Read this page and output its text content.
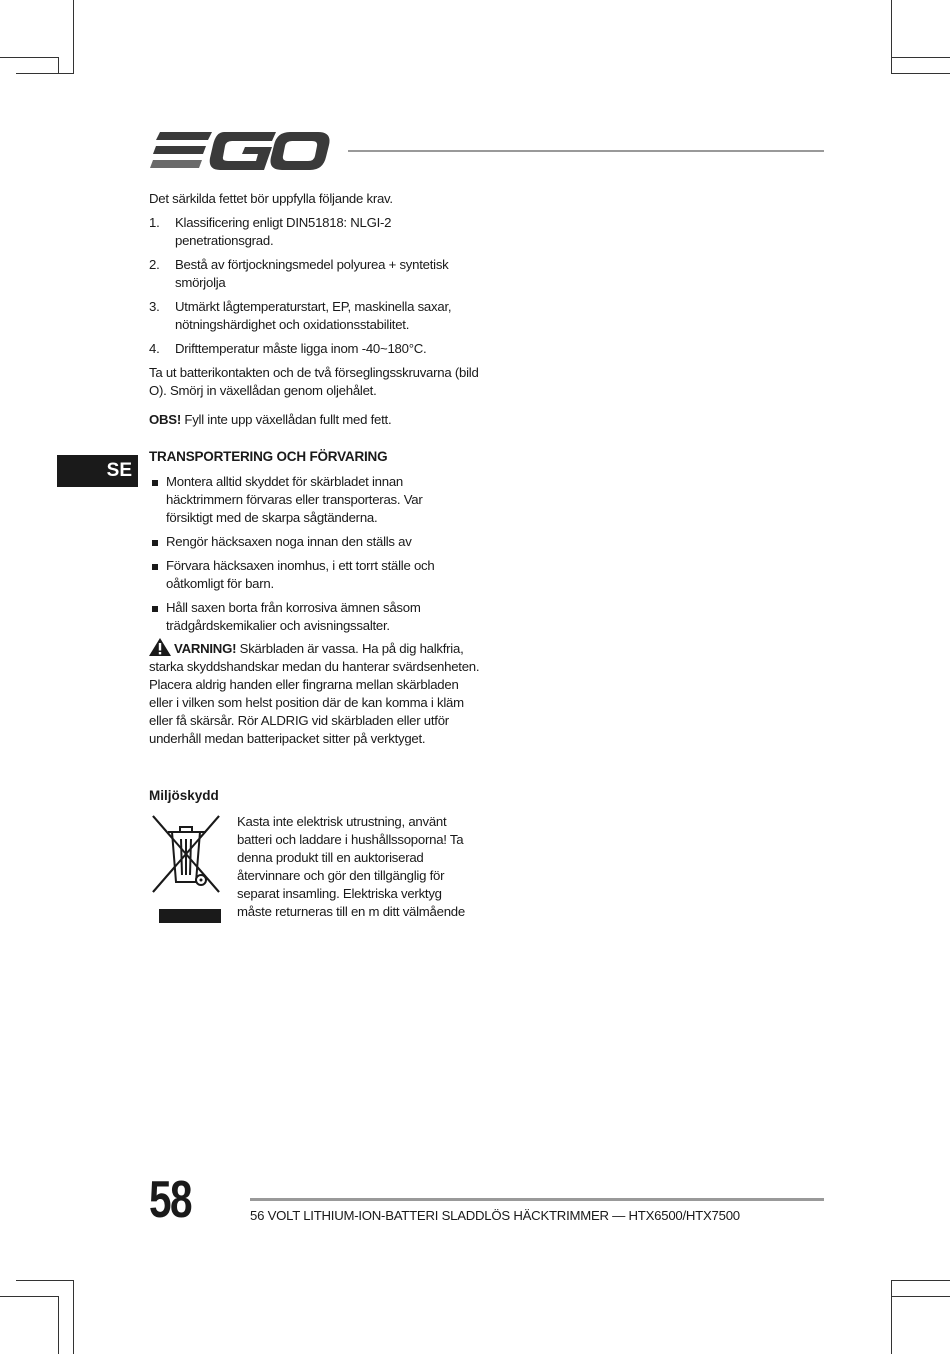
EGO
Det särkilda fettet bör uppfylla följande krav.
1.	Klassificering enligt DIN51818: NLGI-2 penetrationsgrad.
2.	Bestå av förtjockningsmedel polyurea + syntetisk smörjolja
3.	Utmärkt lågtemperaturstart, EP, maskinella saxar, nötningshärdighet och oxidationsstabilitet.
4.	Drifttemperatur måste ligga inom -40~180°C.
Ta ut batterikontakten och de två förseglingsskruvarna (bild O). Smörj in växellådan genom oljehålet.
OBS! Fyll inte upp växellådan fullt med fett.
SE
TRANSPORTERING OCH FÖRVARING
Montera alltid skyddet för skärbladet innan häcktrimmern förvaras eller transporteras. Var försiktigt med de skarpa sågtänderna.
Rengör häcksaxen noga innan den ställs av
Förvara häcksaxen inomhus, i ett torrt ställe och oåtkomligt för barn.
Håll saxen borta från korrosiva ämnen såsom trädgårdskemikalier och avisningssalter.
VARNING! Skärbladen är vassa. Ha på dig halkfria, starka skyddshandskar medan du hanterar svärdsenheten. Placera aldrig handen eller fingrarna mellan skärbladen eller i vilken som helst position där de kan komma i kläm eller få skärsår. Rör ALDRIG vid skärbladen eller utför underhåll medan batteripacket sitter på verktyget.
Miljöskydd
Kasta inte elektrisk utrustning, använt batteri och laddare i hushållssoporna! Ta denna produkt till en auktoriserad återvinnare och gör den tillgänglig för separat insamling. Elektriska verktyg måste returneras till en m ditt välmående
58	56 VOLT LITHIUM-ION-BATTERI SLADDLÖS HÄCKTRIMMER — HTX6500/HTX7500
